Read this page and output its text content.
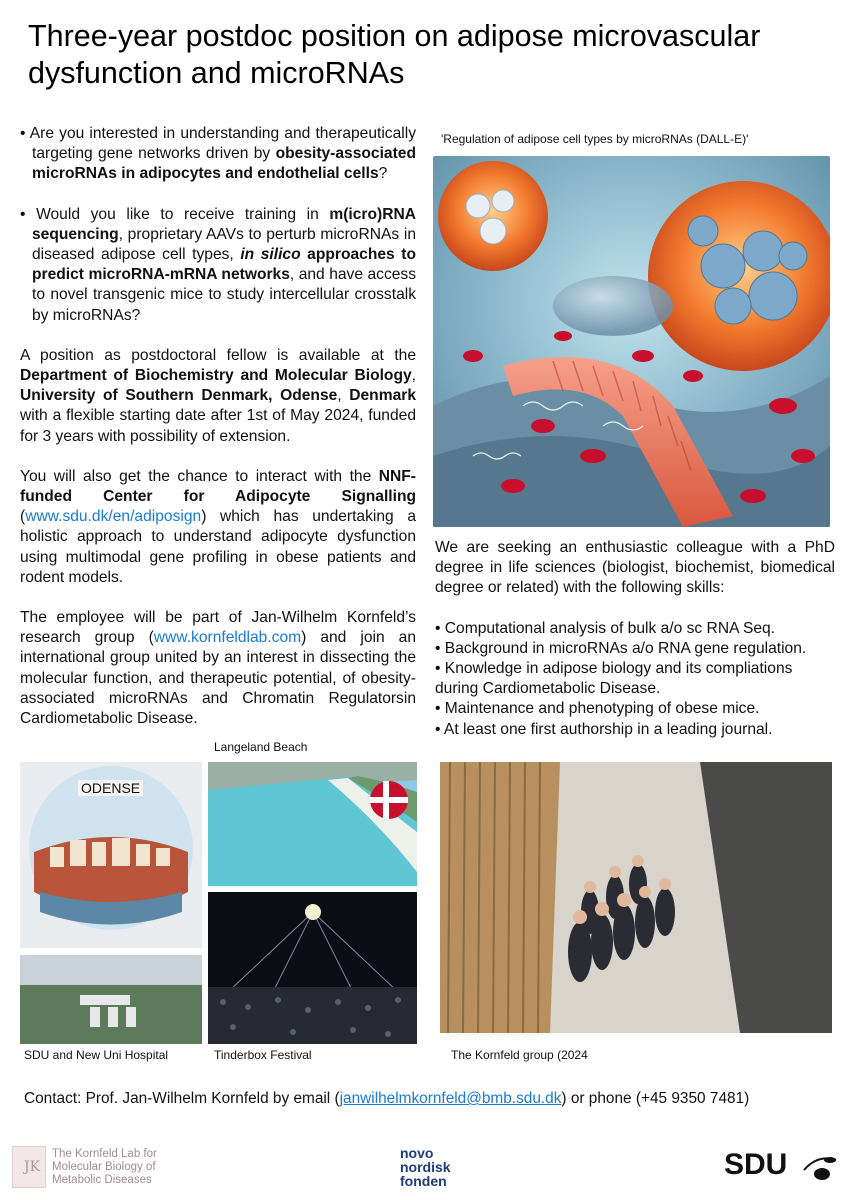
Three-year postdoc position on adipose microvascular dysfunction and microRNAs

• Are you interested in understanding and therapeutically targeting gene networks driven by obesity-associated microRNAs in adipocytes and endothelial cells?

• Would you like to receive training in m(icro)RNA sequencing, proprietary AAVs to perturb microRNAs in diseased adipose cell types, in silico approaches to predict microRNA-mRNA networks, and have access to novel transgenic mice to study intercellular crosstalk by microRNAs?

A position as postdoctoral fellow is available at the Department of Biochemistry and Molecular Biology, University of Southern Denmark, Odense, Denmark with a flexible starting date after 1st of May 2024, funded for 3 years with possibility of extension.

You will also get the chance to interact with the NNF-funded Center for Adipocyte Signalling (www.sdu.dk/en/adiposign) which has undertaking a holistic approach to understand adipocyte dysfunction using multimodal gene profiling in obese patients and rodent models.

The employee will be part of Jan-Wilhelm Kornfeld’s research group (www.kornfeldlab.com) and join an international group united by an interest in dissecting the molecular function, and therapeutic potential, of obesity-associated microRNAs and Chromatin Regulatorsin Cardiometabolic Disease.

'Regulation of adipose cell types by microRNAs (DALL-E)'

We are seeking an enthusiastic colleague with a PhD degree in life sciences (biologist, biochemist, biomedical degree or related) with the following skills:

• Computational analysis of bulk a/o sc RNA Seq.
• Background in microRNAs a/o RNA gene regulation.
• Knowledge in adipose biology and its compliations during Cardiometabolic Disease.
• Maintenance and phenotyping of obese mice.
• At least one first authorship in a leading journal.
Langeland Beach
ODENSE
SDU and New Uni Hospital	Tinderbox Festival	The Kornfeld group (2024
Contact: Prof. Jan-Wilhelm Kornfeld by email (janwilhelmkornfeld@bmb.sdu.dk) or phone (+45 9350 7481)
JK
The Kornfeld Lab for
Molecular Biology of
Metabolic Diseases
novo
nordisk
fonden	SDU
